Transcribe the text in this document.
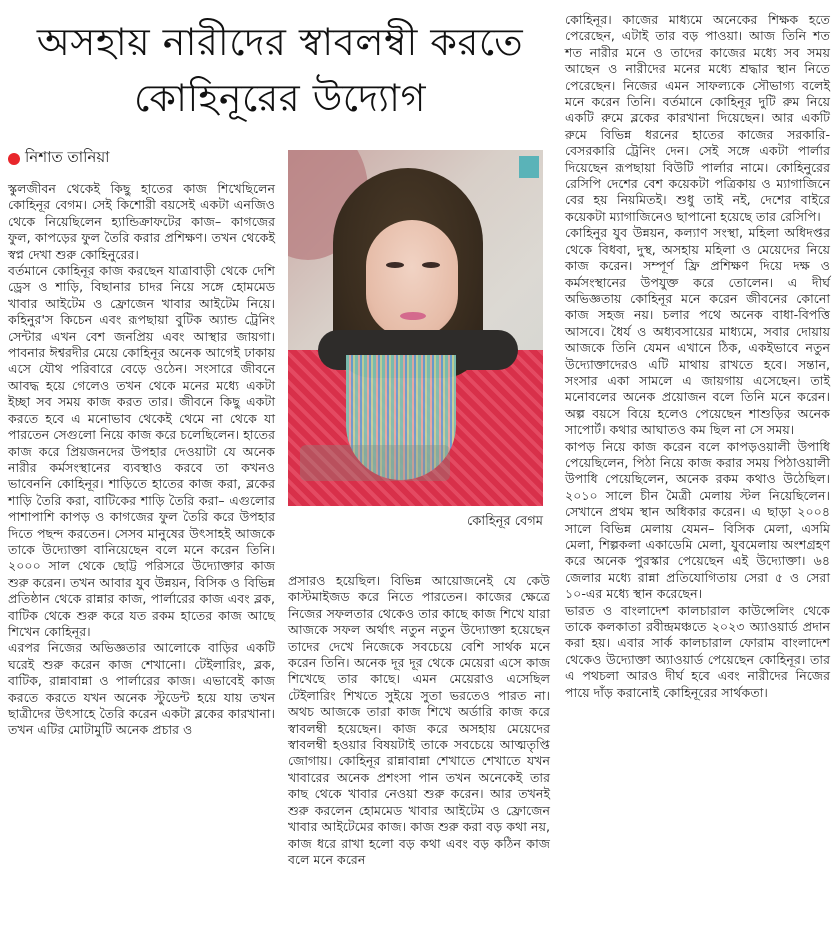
অসহায় নারীদের স্বাবলম্বী করতে
কোহিনূরের উদ্যোগ
নিশাত তানিয়া

স্কুলজীবন থেকেই কিছু হাতের কাজ শিখেছিলেন কোহিনূর বেগম। সেই কিশোরী বয়সেই একটা এনজিও থেকে নিয়েছিলেন হ্যান্ডিক্রাফটের কাজ– কাগজের ফুল, কাপড়ের ফুল তৈরি করার প্রশিক্ষণ। তখন থেকেই স্বপ্ন দেখা শুরু কোহিনুরের।

বর্তমানে কোহিনূর কাজ করছেন যাত্রাবাড়ী থেকে দেশি ড্রেস ও শাড়ি, বিছানার চাদর নিয়ে সঙ্গে হোমমেড খাবার আইটেম ও ফ্রোজেন খাবার আইটেম নিয়ে। কহিনুর'স কিচেন এবং রূপছায়া বুটিক অ্যান্ড ট্রেনিং সেন্টার এখন বেশ জনপ্রিয় এবং আস্থার জায়গা। পাবনার ঈশ্বরদীর মেয়ে কোহিনূর অনেক আগেই ঢাকায় এসে যৌথ পরিবারে বেড়ে ওঠেন। সংসারে জীবনে আবদ্ধ হয়ে গেলেও তখন থেকে মনের মধ্যে একটা ইচ্ছা সব সময় কাজ করত তার। জীবনে কিছু একটা করতে হবে এ মনোভাব থেকেই থেমে না থেকে যা পারতেন সেগুলো নিয়ে কাজ করে চলেছিলেন। হাতের কাজ করে প্রিয়জনদের উপহার দেওয়াটা যে অনেক নারীর কর্মসংস্থানের ব্যবস্থাও করবে তা কখনও ভাবেননি কোহিনূর। শাড়িতে হাতের কাজ করা, ব্লকের শাড়ি তৈরি করা, বাটিকের শাড়ি তৈরি করা– এগুলোর পাশাপাশি কাপড় ও কাগজের ফুল তৈরি করে উপহার দিতে পছন্দ করতেন। সেসব মানুষের উৎসাহই আজকে তাকে উদ্যোক্তা বানিয়েছেন বলে মনে করেন তিনি। ২০০০ সাল থেকে ছোট্ট পরিসরে উদ্যোক্তার কাজ শুরু করেন। তখন আবার যুব উন্নয়ন, বিসিক ও বিভিন্ন প্রতিষ্ঠান থেকে রান্নার কাজ, পার্লারের কাজ এবং ব্লক, বাটিক থেকে শুরু করে যত রকম হাতের কাজ আছে শিখেন কোহিনূর।

এরপর নিজের অভিজ্ঞতার আলোকে বাড়ির একটি ঘরেই শুরু করেন কাজ শেখানো। টেইলারিং, ব্লক, বাটিক, রান্নাবান্না ও পার্লারের কাজ। এভাবেই কাজ করতে করতে যখন অনেক স্টুডেন্ট হয়ে যায় তখন ছাত্রীদের উৎসাহে তৈরি করেন একটা ব্লকের কারখানা। তখন এটির মোটামুটি অনেক প্রচার ও

কোহিনূর বেগম

প্রসারও হয়েছিল। বিভিন্ন আয়োজনেই যে কেউ কাস্টমাইজড করে নিতে পারতেন। কাজের ক্ষেত্রে নিজের সফলতার থেকেও তার কাছে কাজ শিখে যারা আজকে সফল অর্থাৎ নতুন নতুন উদ্যোক্তা হয়েছেন তাদের দেখে নিজেকে সবচেয়ে বেশি সার্থক মনে করেন তিনি। অনেক দূর দূর থেকে মেয়েরা এসে কাজ শিখেছে তার কাছে। এমন মেয়েরাও এসেছিল টেইলারিং শিখতে সুইয়ে সুতা ভরতেও পারত না। অথচ আজকে তারা কাজ শিখে অর্ডারি কাজ করে স্বাবলম্বী হয়েছেন। কাজ করে অসহায় মেয়েদের স্বাবলম্বী হওয়ার বিষয়টাই তাকে সবচেয়ে আত্মতৃপ্তি জোগায়। কোহিনূর রান্নাবান্না শেখাতে শেখাতে যখন খাবারের অনেক প্রশংসা পান তখন অনেকেই তার কাছ থেকে খাবার নেওয়া শুরু করেন। আর তখনই শুরু করলেন হোমমেড খাবার আইটেম ও ফ্রোজেন খাবার আইটেমের কাজ। কাজ শুরু করা বড় কথা নয়, কাজ ধরে রাখা হলো বড় কথা এবং বড় কঠিন কাজ বলে মনে করেন

কোহিনূর। কাজের মাধ্যমে অনেকের শিক্ষক হতে পেরেছেন, এটাই তার বড় পাওয়া। আজ তিনি শত শত নারীর মনে ও তাদের কাজের মধ্যে সব সময় আছেন ও নারীদের মনের মধ্যে শ্রদ্ধার স্থান নিতে পেরেছেন। নিজের এমন সাফল্যকে সৌভাগ্য বলেই মনে করেন তিনি। বর্তমানে কোহিনূর দুটি রুম নিয়ে একটি রুমে ব্লকের কারখানা দিয়েছেন। আর একটি রুমে বিভিন্ন ধরনের হাতের কাজের সরকারি-বেসরকারি ট্রেনিং দেন। সেই সঙ্গে একটা পার্লার দিয়েছেন রূপছায়া বিউটি পার্লার নামে। কোহিনুরের রেসিপি দেশের বেশ কয়েকটা পত্রিকায় ও ম্যাগাজিনে বের হয় নিয়মিতই। শুধু তাই নই, দেশের বাইরে কয়েকটা ম্যাগাজিনেও ছাপানো হয়েছে তার রেসিপি।

কোহিনুর যুব উন্নয়ন, কল্যাণ সংস্থা, মহিলা অধিদপ্তর থেকে বিধবা, দুস্থ, অসহায় মহিলা ও মেয়েদের নিয়ে কাজ করেন। সম্পূর্ণ ফ্রি প্রশিক্ষণ দিয়ে দক্ষ ও কর্মসংস্থানের উপযুক্ত করে তোলেন। এ দীর্ঘ অভিজ্ঞতায় কোহিনূর মনে করেন জীবনের কোনো কাজ সহজ নয়। চলার পথে অনেক বাধা-বিপত্তি আসবে। ধৈর্য ও অধ্যবসায়ের মাধ্যমে, সবার দোয়ায় আজকে তিনি যেমন এখানে ঠিক, একইভাবে নতুন উদ্যোক্তাদেরও এটি মাথায় রাখতে হবে। সন্তান, সংসার একা সামলে এ জায়গায় এসেছেন। তাই মনোবলের অনেক প্রয়োজন বলে তিনি মনে করেন। অল্প বয়সে বিয়ে হলেও পেয়েছেন শাশুড়ির অনেক সাপোর্ট। কথার আঘাতও কম ছিল না সে সময়।

কাপড় নিয়ে কাজ করেন বলে কাপড়ওয়ালী উপাধি পেয়েছিলেন, পিঠা নিয়ে কাজ করার সময় পিঠাওয়ালী উপাধি পেয়েছিলেন, অনেক রকম কথাও উঠেছিল। ২০১০ সালে চীন মৈত্রী মেলায় স্টল নিয়েছিলেন। সেখানে প্রথম স্থান অধিকার করেন। এ ছাড়া ২০০৪ সালে বিভিন্ন মেলায় যেমন– বিসিক মেলা, এসমি মেলা, শিল্পকলা একাডেমি মেলা, যুবমেলায় অংশগ্রহণ করে অনেক পুরস্কার পেয়েছেন এই উদ্যোক্তা। ৬৪ জেলার মধ্যে রান্না প্রতিযোগিতায় সেরা ৫ ও সেরা ১০-এর মধ্যে স্থান করেছেন।

ভারত ও বাংলাদেশ কালচারাল কাউন্সেলিং থেকে তাকে কলকাতা রবীন্দ্রমঞ্চতে ২০২৩ অ্যাওয়ার্ড প্রদান করা হয়। এবার সার্ক কালচারাল ফোরাম বাংলাদেশ থেকেও উদ্যোক্তা অ্যাওয়ার্ড পেয়েছেন কোহিনূর। তার এ পথচলা আরও দীর্ঘ হবে এবং নারীদের নিজের পায়ে দাঁড় করানোই কোহিনূরের সার্থকতা।
